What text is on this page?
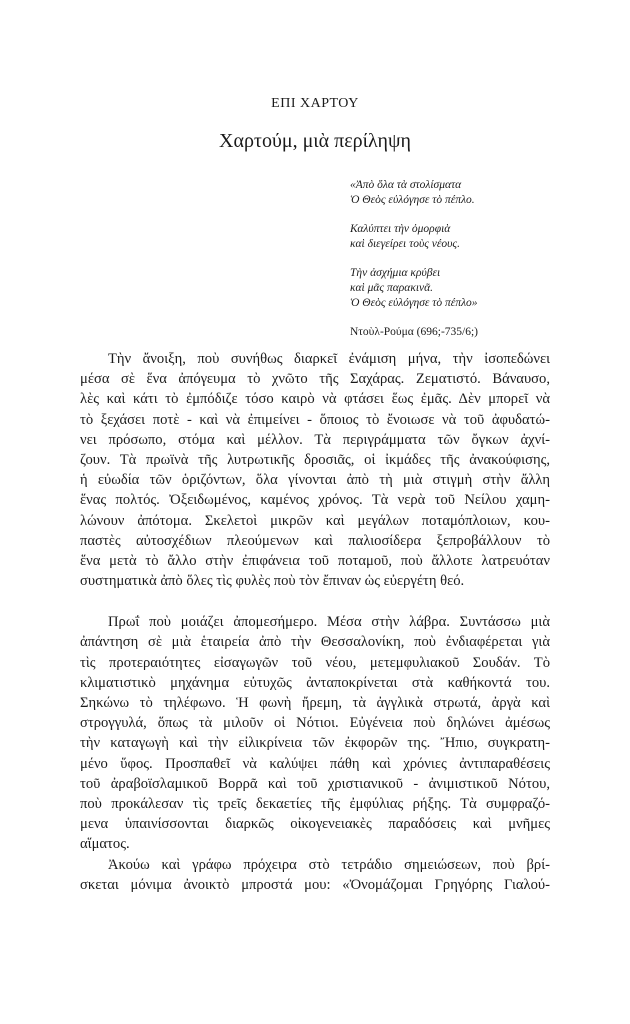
ΕΠΙ ΧΑΡΤΟΥ
Χαρτούμ, μιὰ περίληψη
«Ἀπὸ ὅλα τὰ στολίσματα
Ὁ Θεὸς εὐλόγησε τὸ πέπλο.
Καλύπτει τὴν ὀμορφιὰ
καὶ διεγείρει τοὺς νέους.
Τὴν ἀσχήμια κρύβει
καὶ μᾶς παρακινᾶ.
Ὁ Θεὸς εὐλόγησε τὸ πέπλο»
Ντοὺλ-Ρούμα (696;-735/6;)
Τὴν ἄνοιξη, ποὺ συνήθως διαρκεῖ ἐνάμιση μήνα, τὴν ἰσοπεδώνει
μέσα σὲ ἕνα ἀπόγευμα τὸ χνῶτο τῆς Σαχάρας. Ζεματιστό. Βάναυσο,
λὲς καὶ κάτι τὸ ἐμπόδιζε τόσο καιρὸ νὰ φτάσει ἕως ἐμᾶς. Δὲν μπορεῖ νὰ
τὸ ξεχάσει ποτὲ - καὶ νὰ ἐπιμείνει - ὅποιος τὸ ἔνοιωσε νὰ τοῦ ἀφυδατώ-
νει πρόσωπο, στόμα καὶ μέλλον. Τὰ περιγράμματα τῶν ὄγκων ἀχνί-
ζουν. Τὰ πρωϊνὰ τῆς λυτρωτικῆς δροσιᾶς, οἱ ἰκμάδες τῆς ἀνακούφισης,
ἡ εὐωδία τῶν ὁριζόντων, ὅλα γίνονται ἀπὸ τὴ μιὰ στιγμὴ στὴν ἄλλη
ἕνας πολτός. Ὀξειδωμένος, καμένος χρόνος. Τὰ νερὰ τοῦ Νείλου χαμη-
λώνουν ἀπότομα. Σκελετοὶ μικρῶν καὶ μεγάλων ποταμόπλοιων, κου-
παστὲς αὐτοσχέδιων πλεούμενων καὶ παλιοσίδερα ξεπροβάλλουν τὸ
ἕνα μετὰ τὸ ἄλλο στὴν ἐπιφάνεια τοῦ ποταμοῦ, ποὺ ἄλλοτε λατρευόταν
συστηματικὰ ἀπὸ ὅλες τὶς φυλὲς ποὺ τὸν ἔπιναν ὡς εὐεργέτη θεό.
Πρωΐ ποὺ μοιάζει ἀπομεσήμερο. Μέσα στὴν λάβρα. Συντάσσω μιὰ
ἀπάντηση σὲ μιὰ ἑταιρεία ἀπὸ τὴν Θεσσαλονίκη, ποὺ ἐνδιαφέρεται γιὰ
τὶς προτεραιότητες εἰσαγωγῶν τοῦ νέου, μετεμφυλιακοῦ Σουδάν. Τὸ
κλιματιστικὸ μηχάνημα εὐτυχῶς ἀνταποκρίνεται στὰ καθήκοντά του.
Σηκώνω τὸ τηλέφωνο. Ἡ φωνὴ ἤρεμη, τὰ ἀγγλικὰ στρωτά, ἀργὰ καὶ
στρογγυλά, ὅπως τὰ μιλοῦν οἱ Νότιοι. Εὐγένεια ποὺ δηλώνει ἀμέσως
τὴν καταγωγὴ καὶ τὴν εἰλικρίνεια τῶν ἐκφορῶν της. Ἤπιο, συγκρατη-
μένο ὕφος. Προσπαθεῖ νὰ καλύψει πάθη καὶ χρόνιες ἀντιπαραθέσεις
τοῦ ἀραβοϊσλαμικοῦ Βορρᾶ καὶ τοῦ χριστιανικοῦ - ἀνιμιστικοῦ Νότου,
ποὺ προκάλεσαν τὶς τρεῖς δεκαετίες τῆς ἐμφύλιας ρήξης. Τὰ συμφραζό-
μενα ὑπαινίσσονται διαρκῶς οἰκογενειακὲς παραδόσεις καὶ μνῆμες
αἵματος.
Ἀκούω καὶ γράφω πρόχειρα στὸ τετράδιο σημειώσεων, ποὺ βρί-
σκεται μόνιμα ἀνοικτὸ μπροστά μου: «Ὀνομάζομαι Γρηγόρης Γιαλού-
